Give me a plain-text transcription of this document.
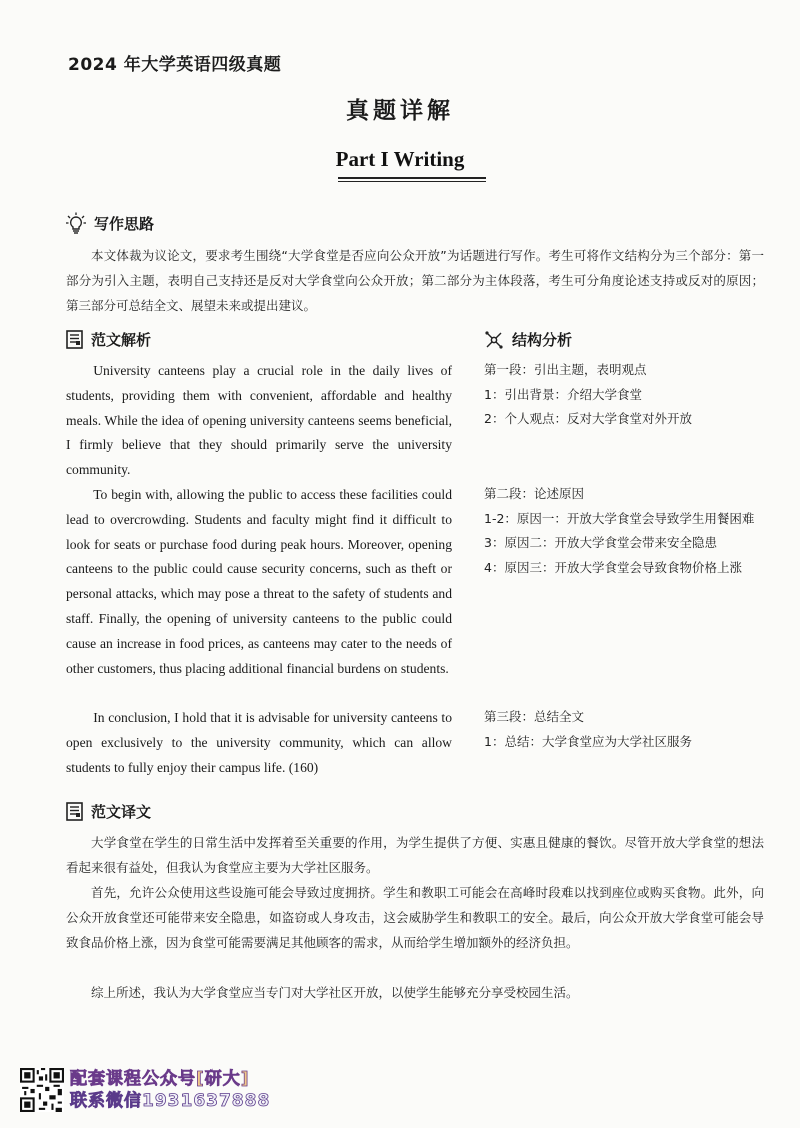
2024 年大学英语四级真题
真题详解
Part I Writing
写作思路

本文体裁为议论文，要求考生围绕“大学食堂是否应向公众开放”为话题进行写作。考生可将作文结构分为三个部分：第一部分为引入主题，表明自己支持还是反对大学食堂向公众开放；第二部分为主体段落，考生可分角度论述支持或反对的原因；第三部分可总结全文、展望未来或提出建议。

范文解析	结构分析

University canteens play a crucial role in the daily lives of students, providing them with convenient, affordable and healthy meals. While the idea of opening university canteens seems beneficial, I firmly believe that they should primarily serve the university community.

To begin with, allowing the public to access these facilities could lead to overcrowding. Students and faculty might find it difficult to look for seats or purchase food during peak hours. Moreover, opening canteens to the public could cause security concerns, such as theft or personal attacks, which may pose a threat to the safety of students and staff. Finally, the opening of university canteens to the public could cause an increase in food prices, as canteens may cater to the needs of other customers, thus placing additional financial burdens on students.

In conclusion, I hold that it is advisable for university canteens to open exclusively to the university community, which can allow students to fully enjoy their campus life. (160)

第一段：引出主题，表明观点

1：引出背景：介绍大学食堂

2：个人观点：反对大学食堂对外开放

第二段：论述原因

1-2：原因一：开放大学食堂会导致学生用餐困难

3：原因二：开放大学食堂会带来安全隐患

4：原因三：开放大学食堂会导致食物价格上涨

第三段：总结全文

1：总结：大学食堂应为大学社区服务

范文译文

大学食堂在学生的日常生活中发挥着至关重要的作用，为学生提供了方便、实惠且健康的餐饮。尽管开放大学食堂的想法看起来很有益处，但我认为食堂应主要为大学社区服务。

首先，允许公众使用这些设施可能会导致过度拥挤。学生和教职工可能会在高峰时段难以找到座位或购买食物。此外，向公众开放食堂还可能带来安全隐患，如盗窃或人身攻击，这会威胁学生和教职工的安全。最后，向公众开放大学食堂可能会导致食品价格上涨，因为食堂可能需要满足其他顾客的需求，从而给学生增加额外的经济负担。

综上所述，我认为大学食堂应当专门对大学社区开放，以使学生能够充分享受校园生活。

配套课程公众号[研大]
联系微信1931637888
